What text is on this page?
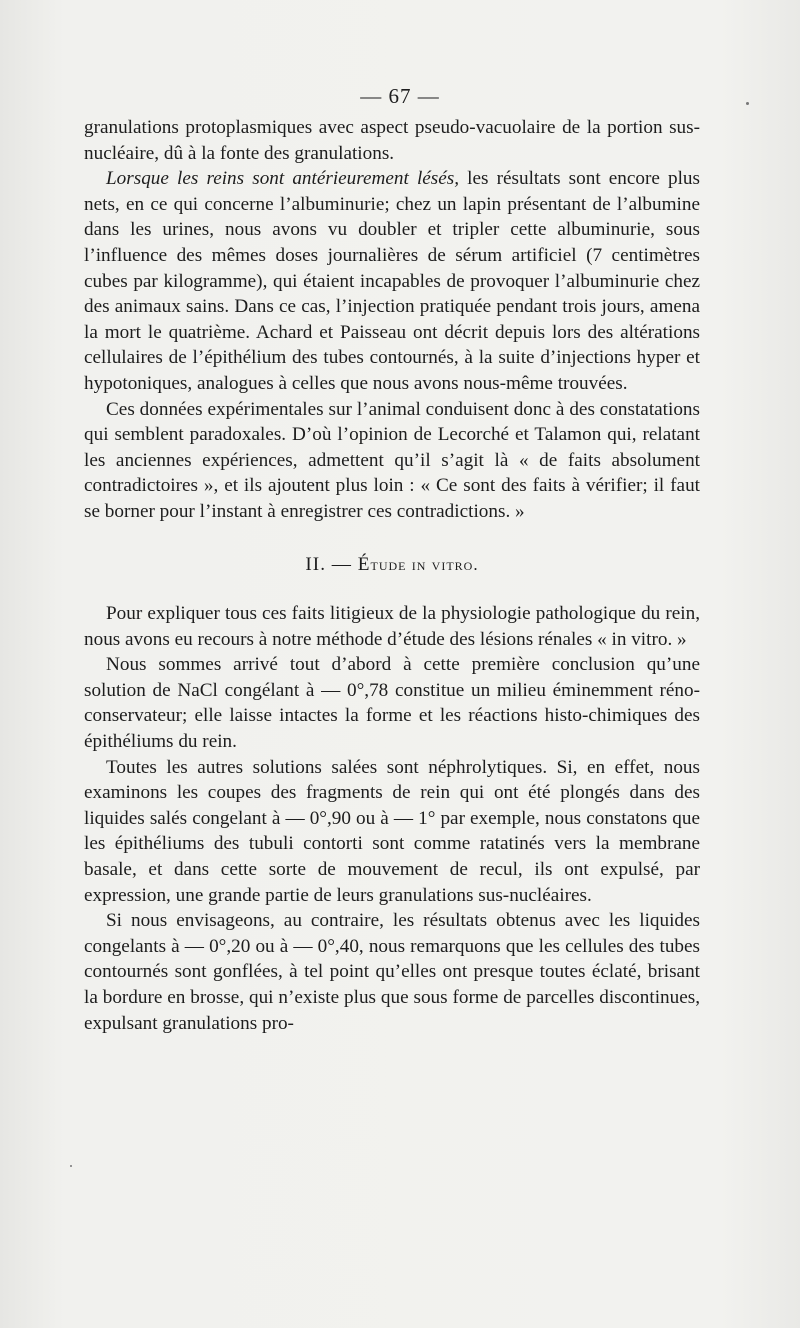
— 67 —

granulations protoplasmiques avec aspect pseudo-vacuolaire de la portion sus-nucléaire, dû à la fonte des granulations.

Lorsque les reins sont antérieurement lésés, les résultats sont encore plus nets, en ce qui concerne l’albuminurie; chez un lapin présentant de l’albumine dans les urines, nous avons vu doubler et tripler cette albuminurie, sous l’influence des mêmes doses journalières de sérum artificiel (7 centimètres cubes par kilogramme), qui étaient incapables de provoquer l’albuminurie chez des animaux sains. Dans ce cas, l’injection pratiquée pendant trois jours, amena la mort le quatrième. Achard et Paisseau ont décrit depuis lors des altérations cellulaires de l’épithélium des tubes contournés, à la suite d’injections hyper et hypotoniques, analogues à celles que nous avons nous-même trouvées.

Ces données expérimentales sur l’animal conduisent donc à des constatations qui semblent paradoxales. D’où l’opinion de Lecorché et Talamon qui, relatant les anciennes expériences, admettent qu’il s’agit là « de faits absolument contradictoires », et ils ajoutent plus loin : « Ce sont des faits à vérifier; il faut se borner pour l’instant à enregistrer ces contradictions. »

II. — Étude in vitro.

Pour expliquer tous ces faits litigieux de la physiologie pathologique du rein, nous avons eu recours à notre méthode d’étude des lésions rénales « in vitro. »

Nous sommes arrivé tout d’abord à cette première conclusion qu’une solution de NaCl congélant à — 0°,78 constitue un milieu éminemment réno-conservateur; elle laisse intactes la forme et les réactions histo-chimiques des épithéliums du rein.

Toutes les autres solutions salées sont néphrolytiques. Si, en effet, nous examinons les coupes des fragments de rein qui ont été plongés dans des liquides salés congelant à — 0°,90 ou à — 1° par exemple, nous constatons que les épithéliums des tubuli contorti sont comme ratatinés vers la membrane basale, et dans cette sorte de mouvement de recul, ils ont expulsé, par expression, une grande partie de leurs granulations sus-nucléaires.

Si nous envisageons, au contraire, les résultats obtenus avec les liquides congelants à — 0°,20 ou à — 0°,40, nous remarquons que les cellules des tubes contournés sont gonflées, à tel point qu’elles ont presque toutes éclaté, brisant la bordure en brosse, qui n’existe plus que sous forme de parcelles discontinues, expulsant granulations pro-
